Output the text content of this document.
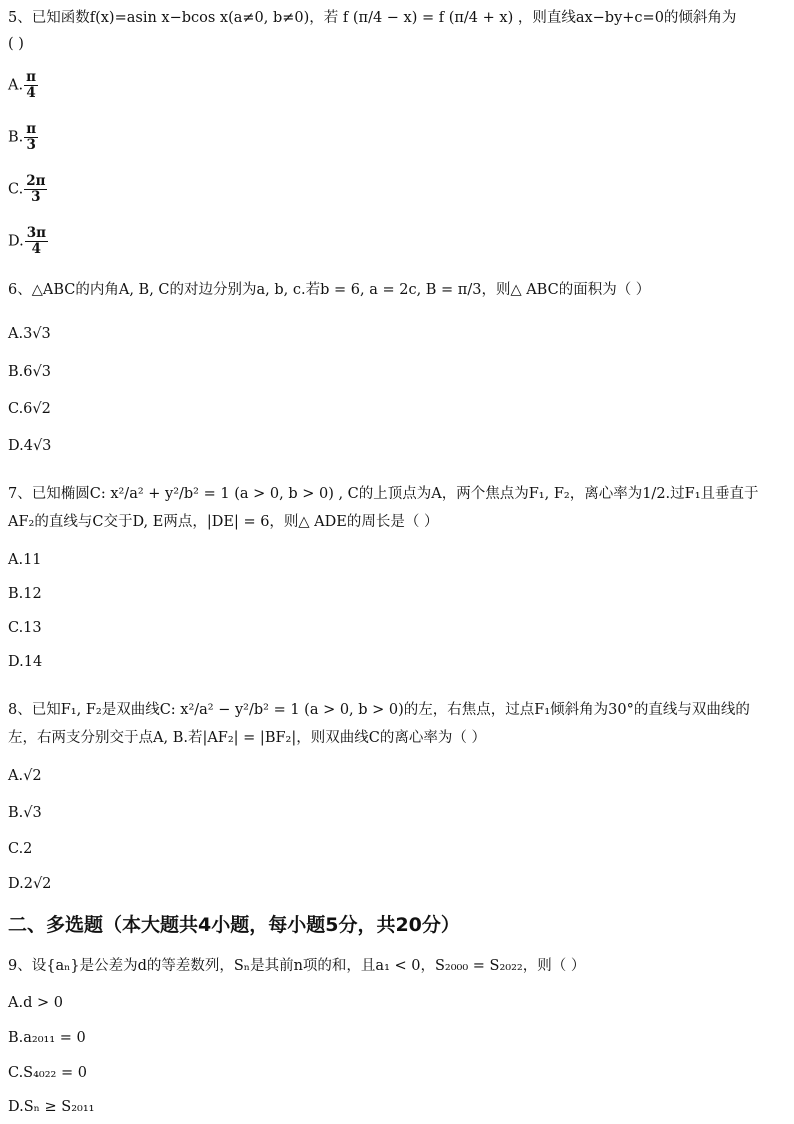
5、已知函数f(x)=asin x−bcos x(a≠0, b≠0)，若 f (π/4 − x) = f (π/4 + x) ，则直线ax−by+c=0的倾斜角为
( )
A. $\frac{\pi}{4}$
B. $\frac{\pi}{3}$
C. $\frac{2\pi}{3}$
D. $\frac{3\pi}{4}$
6、△ABC的内角A, B, C的对边分别为a, b, c.若b = 6, a = 2c, B = π/3，则△ ABC的面积为（ ）
A.3√3
B.6√3
C.6√2
D.4√3
7、已知椭圆C: x²/a² + y²/b² = 1 (a > 0, b > 0) , C的上顶点为A，两个焦点为F₁, F₂，离心率为1/2.过F₁且垂直于
AF₂的直线与C交于D, E两点，|DE| = 6，则△ ADE的周长是（ ）
A.11
B.12
C.13
D.14
8、已知F₁, F₂是双曲线C: x²/a² − y²/b² = 1 (a > 0, b > 0)的左，右焦点，过点F₁倾斜角为30°的直线与双曲线的
左，右两支分别交于点A, B.若|AF₂| = |BF₂|，则双曲线C的离心率为（ ）
A.√2
B.√3
C.2
D.2√2
二、多选题（本大题共4小题，每小题5分，共20分）
9、设{aₙ}是公差为d的等差数列，Sₙ是其前n项的和，且a₁ < 0，S₂₀₀₀ = S₂₀₂₂，则（ ）
A.d > 0
B.a₂₀₁₁ = 0
C.S₄₀₂₂ = 0
D.Sₙ ≥ S₂₀₁₁
